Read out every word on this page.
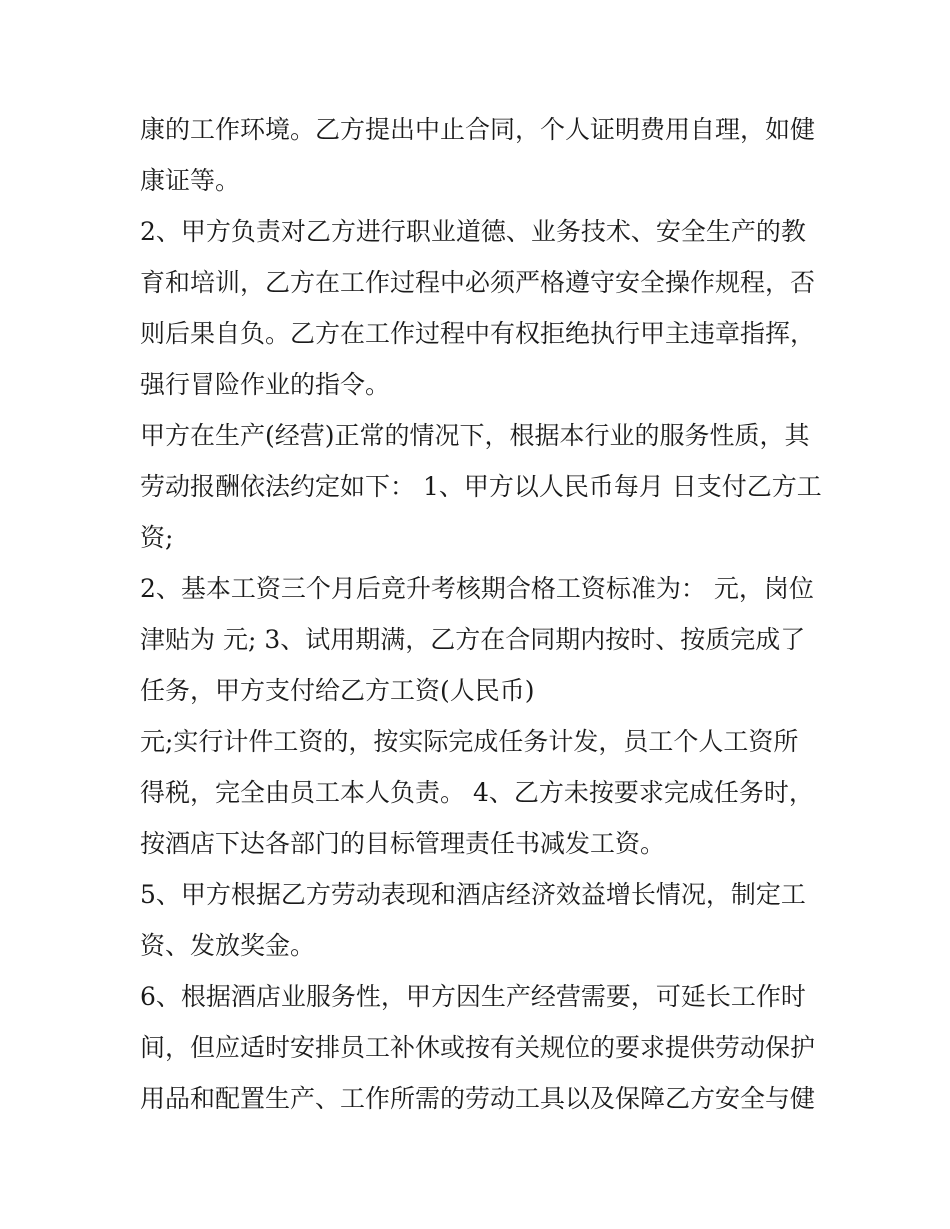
康的工作环境。乙方提出中止合同，个人证明费用自理，如健
康证等。
2、甲方负责对乙方进行职业道德、业务技术、安全生产的教
育和培训，乙方在工作过程中必须严格遵守安全操作规程，否
则后果自负。乙方在工作过程中有权拒绝执行甲主违章指挥，
强行冒险作业的指令。
甲方在生产(经营)正常的情况下，根据本行业的服务性质，其
劳动报酬依法约定如下： 1、甲方以人民币每月 日支付乙方工
资;
2、基本工资三个月后竞升考核期合格工资标准为： 元，岗位
津贴为 元; 3、试用期满，乙方在合同期内按时、按质完成了
任务，甲方支付给乙方工资(人民币)
元;实行计件工资的，按实际完成任务计发，员工个人工资所
得税，完全由员工本人负责。 4、乙方未按要求完成任务时，
按酒店下达各部门的目标管理责任书减发工资。
5、甲方根据乙方劳动表现和酒店经济效益增长情况，制定工
资、发放奖金。
6、根据酒店业服务性，甲方因生产经营需要，可延长工作时
间，但应适时安排员工补休或按有关规位的要求提供劳动保护
用品和配置生产、工作所需的劳动工具以及保障乙方安全与健
